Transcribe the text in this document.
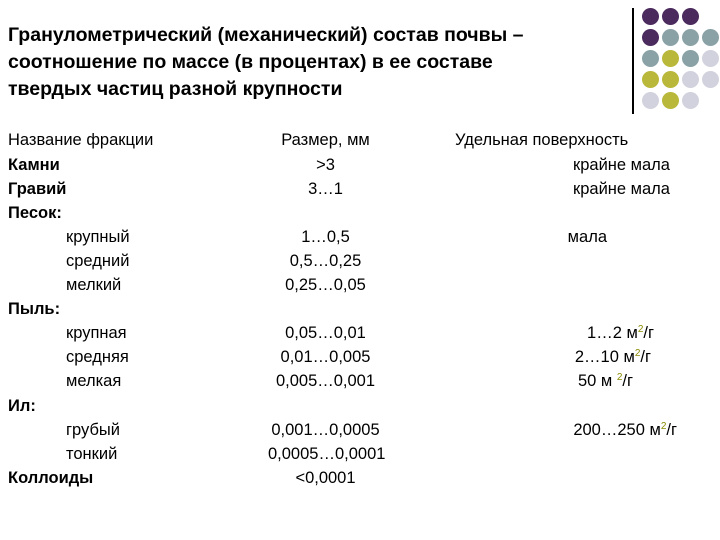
Гранулометрический (механический) состав почвы –
соотношение по массе (в процентах) в ее составе
твердых частиц разной крупности
Название фракции	Размер, мм	Удельная поверхность
Камни	>3	крайне мала
Гравий	3…1	крайне мала
Песок:
крупный	1…0,5	мала
средний	0,5…0,25
мелкий	0,25…0,05
Пыль:
крупная	0,05…0,01	1…2 $м^2/г$
средняя	0,01…0,005	2…10 $м^2/г$
мелкая	0,005…0,001	50 м $^2$/г
Ил:
грубый	0,001…0,0005	200…250 $м^2/г$
тонкий	0,0005…0,0001
Коллоиды	<0,0001
